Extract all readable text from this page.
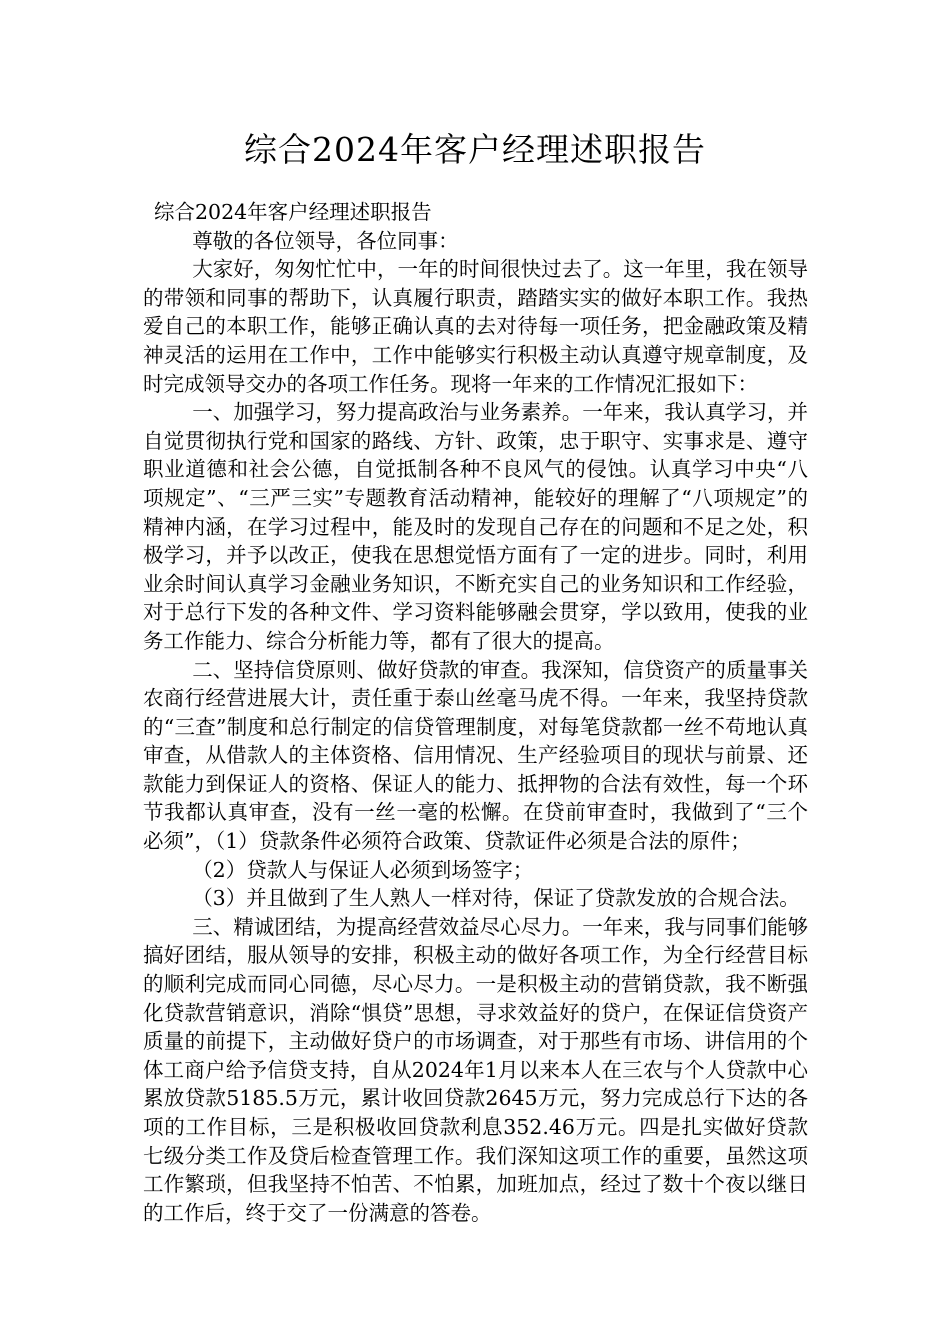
综合2024年客户经理述职报告

综合2024年客户经理述职报告

尊敬的各位领导，各位同事：

大家好，匆匆忙忙中，一年的时间很快过去了。这一年里，我在领导的带领和同事的帮助下，认真履行职责，踏踏实实的做好本职工作。我热爱自己的本职工作，能够正确认真的去对待每一项任务，把金融政策及精神灵活的运用在工作中，工作中能够实行积极主动认真遵守规章制度，及时完成领导交办的各项工作任务。现将一年来的工作情况汇报如下：

一、加强学习，努力提高政治与业务素养。一年来，我认真学习，并自觉贯彻执行党和国家的路线、方针、政策，忠于职守、实事求是、遵守职业道德和社会公德，自觉抵制各种不良风气的侵蚀。认真学习中央“八项规定”、“三严三实”专题教育活动精神，能较好的理解了“八项规定”的精神内涵，在学习过程中，能及时的发现自己存在的问题和不足之处，积极学习，并予以改正，使我在思想觉悟方面有了一定的进步。同时，利用业余时间认真学习金融业务知识，不断充实自己的业务知识和工作经验，对于总行下发的各种文件、学习资料能够融会贯穿，学以致用，使我的业务工作能力、综合分析能力等，都有了很大的提高。

二、坚持信贷原则、做好贷款的审查。我深知，信贷资产的质量事关农商行经营进展大计，责任重于泰山丝毫马虎不得。一年来，我坚持贷款的“三查”制度和总行制定的信贷管理制度，对每笔贷款都一丝不苟地认真审查，从借款人的主体资格、信用情况、生产经验项目的现状与前景、还款能力到保证人的资格、保证人的能力、抵押物的合法有效性，每一个环节我都认真审查，没有一丝一毫的松懈。在贷前审查时，我做到了“三个必须”，（1）贷款条件必须符合政策、贷款证件必须是合法的原件；

（2）贷款人与保证人必须到场签字；

（3）并且做到了生人熟人一样对待，保证了贷款发放的合规合法。

三、精诚团结，为提高经营效益尽心尽力。一年来，我与同事们能够搞好团结，服从领导的安排，积极主动的做好各项工作，为全行经营目标的顺利完成而同心同德，尽心尽力。一是积极主动的营销贷款，我不断强化贷款营销意识，消除“惧贷”思想，寻求效益好的贷户，在保证信贷资产质量的前提下，主动做好贷户的市场调查，对于那些有市场、讲信用的个体工商户给予信贷支持，自从2024年1月以来本人在三农与个人贷款中心累放贷款5185.5万元，累计收回贷款2645万元，努力完成总行下达的各项的工作目标，三是积极收回贷款利息352.46万元。四是扎实做好贷款七级分类工作及贷后检查管理工作。我们深知这项工作的重要，虽然这项工作繁琐，但我坚持不怕苦、不怕累，加班加点，经过了数十个夜以继日的工作后，终于交了一份满意的答卷。
